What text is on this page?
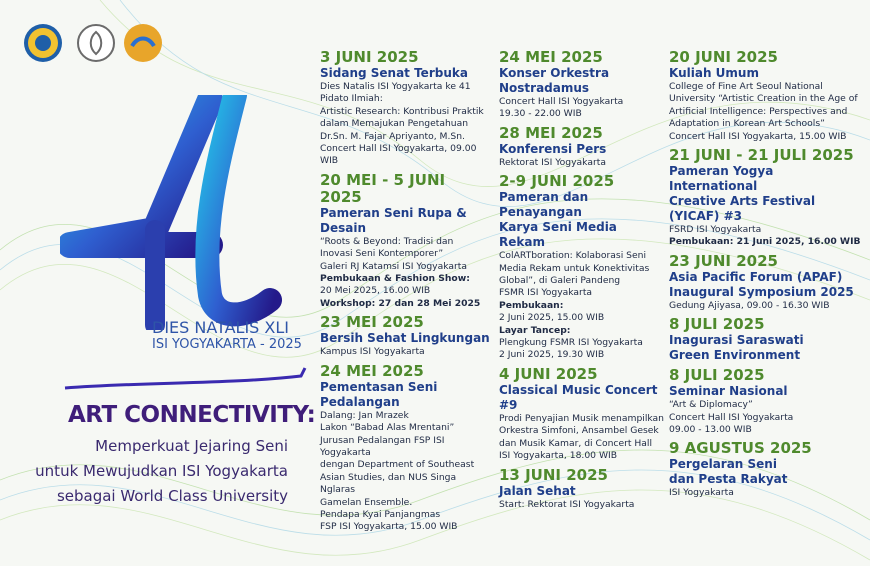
DIES NATALIS XLI
ISI YOGYAKARTA - 2025
ART CONNECTIVITY:
Memperkuat Jejaring Seni
untuk Mewujudkan ISI Yogyakarta
sebagai World Class University
3 JUNI 2025
Sidang Senat Terbuka
Dies Natalis ISI Yogyakarta ke 41
Pidato Ilmiah:
Artistic Research: Kontribusi Praktik
dalam Memajukan Pengetahuan
Dr.Sn. M. Fajar Apriyanto, M.Sn.
Concert Hall ISI Yogyakarta, 09.00 WIB
20 MEI - 5 JUNI 2025
Pameran Seni Rupa & Desain
“Roots & Beyond: Tradisi dan
Inovasi Seni Kontemporer”
Galeri RJ Katamsi ISI Yogyakarta
Pembukaan & Fashion Show:
20 Mei 2025, 16.00 WIB
Workshop: 27 dan 28 Mei 2025
23 MEI 2025
Bersih Sehat Lingkungan
Kampus ISI Yogyakarta
24 MEI 2025
Pementasan Seni Pedalangan
Dalang: Jan Mrazek
Lakon “Babad Alas Mrentani”
Jurusan Pedalangan FSP ISI Yogyakarta
dengan Department of Southeast
Asian Studies, dan NUS Singa Nglaras
Gamelan Ensemble.
Pendapa Kyai Panjangmas
FSP ISI Yogyakarta, 15.00 WIB
24 MEI 2025
Konser Orkestra Nostradamus
Concert Hall ISI Yogyakarta
19.30 - 22.00 WIB
28 MEI 2025
Konferensi Pers
Rektorat ISI Yogyakarta
2-9 JUNI 2025
Pameran dan Penayangan
Karya Seni Media Rekam
ColARTboration: Kolaborasi Seni
Media Rekam untuk Konektivitas
Global”, di Galeri Pandeng
FSMR ISI Yogyakarta
Pembukaan:
2 Juni 2025, 15.00 WIB
Layar Tancep:
Plengkung FSMR ISI Yogyakarta
2 Juni 2025, 19.30 WIB
4 JUNI 2025
Classical Music Concert #9
Prodi Penyajian Musik menampilkan
Orkestra Simfoni, Ansambel Gesek
dan Musik Kamar, di Concert Hall
ISI Yogyakarta, 18.00 WIB
13 JUNI 2025
Jalan Sehat
Start: Rektorat ISI Yogyakarta
20 JUNI 2025
Kuliah Umum
College of Fine Art Seoul National
University “Artistic Creation in the Age of
Artificial Intelligence: Perspectives and
Adaptation in Korean Art Schools”
Concert Hall ISI Yogyakarta, 15.00 WIB
21 JUNI - 21 JULI 2025
Pameran Yogya International
Creative Arts Festival (YICAF) #3
FSRD ISI Yogyakarta
Pembukaan: 21 Juni 2025, 16.00 WIB
23 JUNI 2025
Asia Pacific Forum (APAF)
Inaugural Symposium 2025
Gedung Ajiyasa, 09.00 - 16.30 WIB
8 JULI 2025
Inagurasi Saraswati
Green Environment
8 JULI 2025
Seminar Nasional
“Art & Diplomacy”
Concert Hall ISI Yogyakarta
09.00 - 13.00 WIB
9 AGUSTUS 2025
Pergelaran Seni
dan Pesta Rakyat
ISI Yogyakarta
